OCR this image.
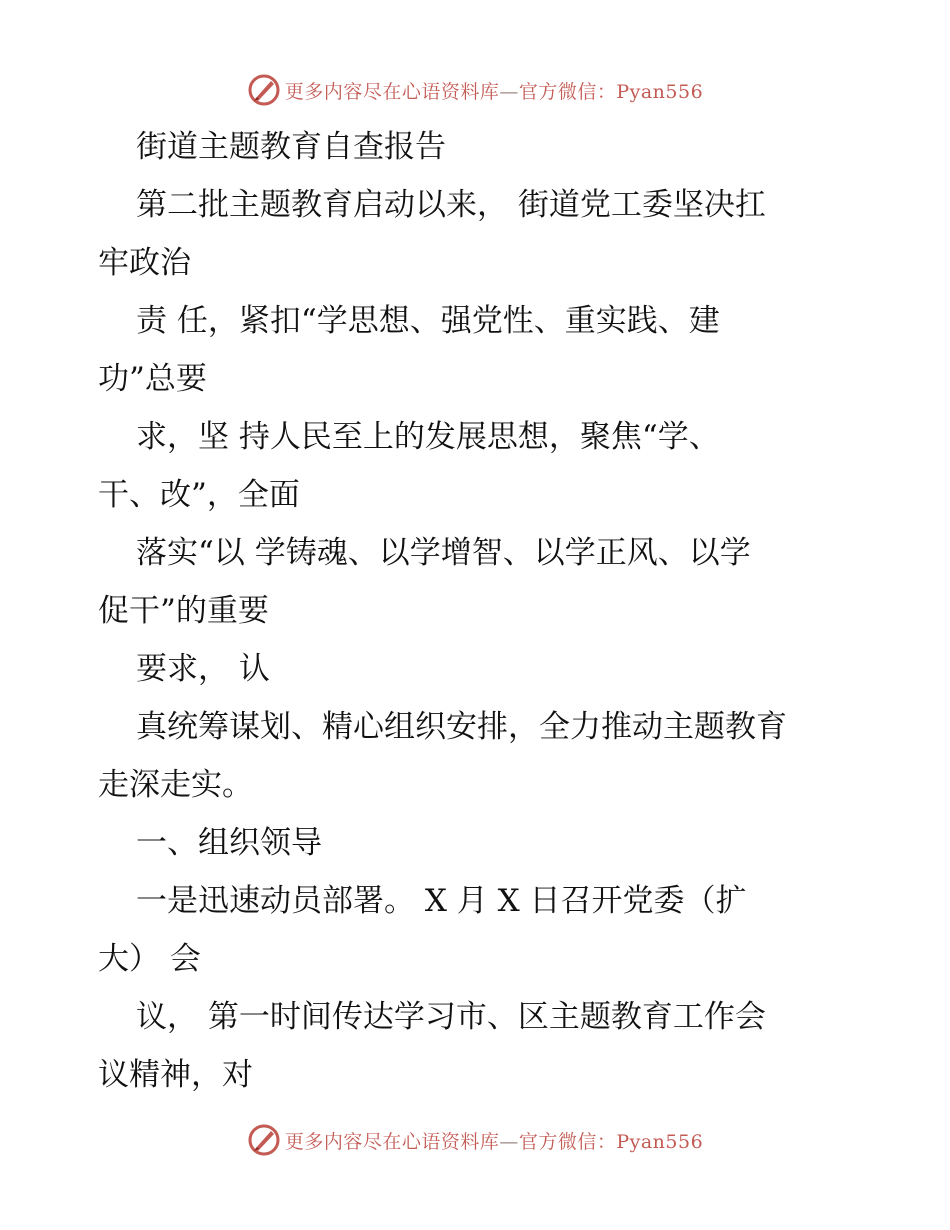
更多内容尽在心语资料库—官方微信：Pyan556

街道主题教育自查报告

第二批主题教育启动以来， 街道党工委坚决扛

牢政治

责 任，紧扣“学思想、强党性、重实践、建

功”总要

求，坚 持人民至上的发展思想，聚焦“学、

干、改”，全面

落实“以 学铸魂、以学增智、以学正风、以学

促干”的重要

要求， 认

真统筹谋划、精心组织安排，全力推动主题教育

走深走实。

一、组织领导

一是迅速动员部署。 X 月 X 日召开党委（扩

大） 会

议， 第一时间传达学习市、区主题教育工作会

议精神，对

更多内容尽在心语资料库—官方微信：Pyan556
